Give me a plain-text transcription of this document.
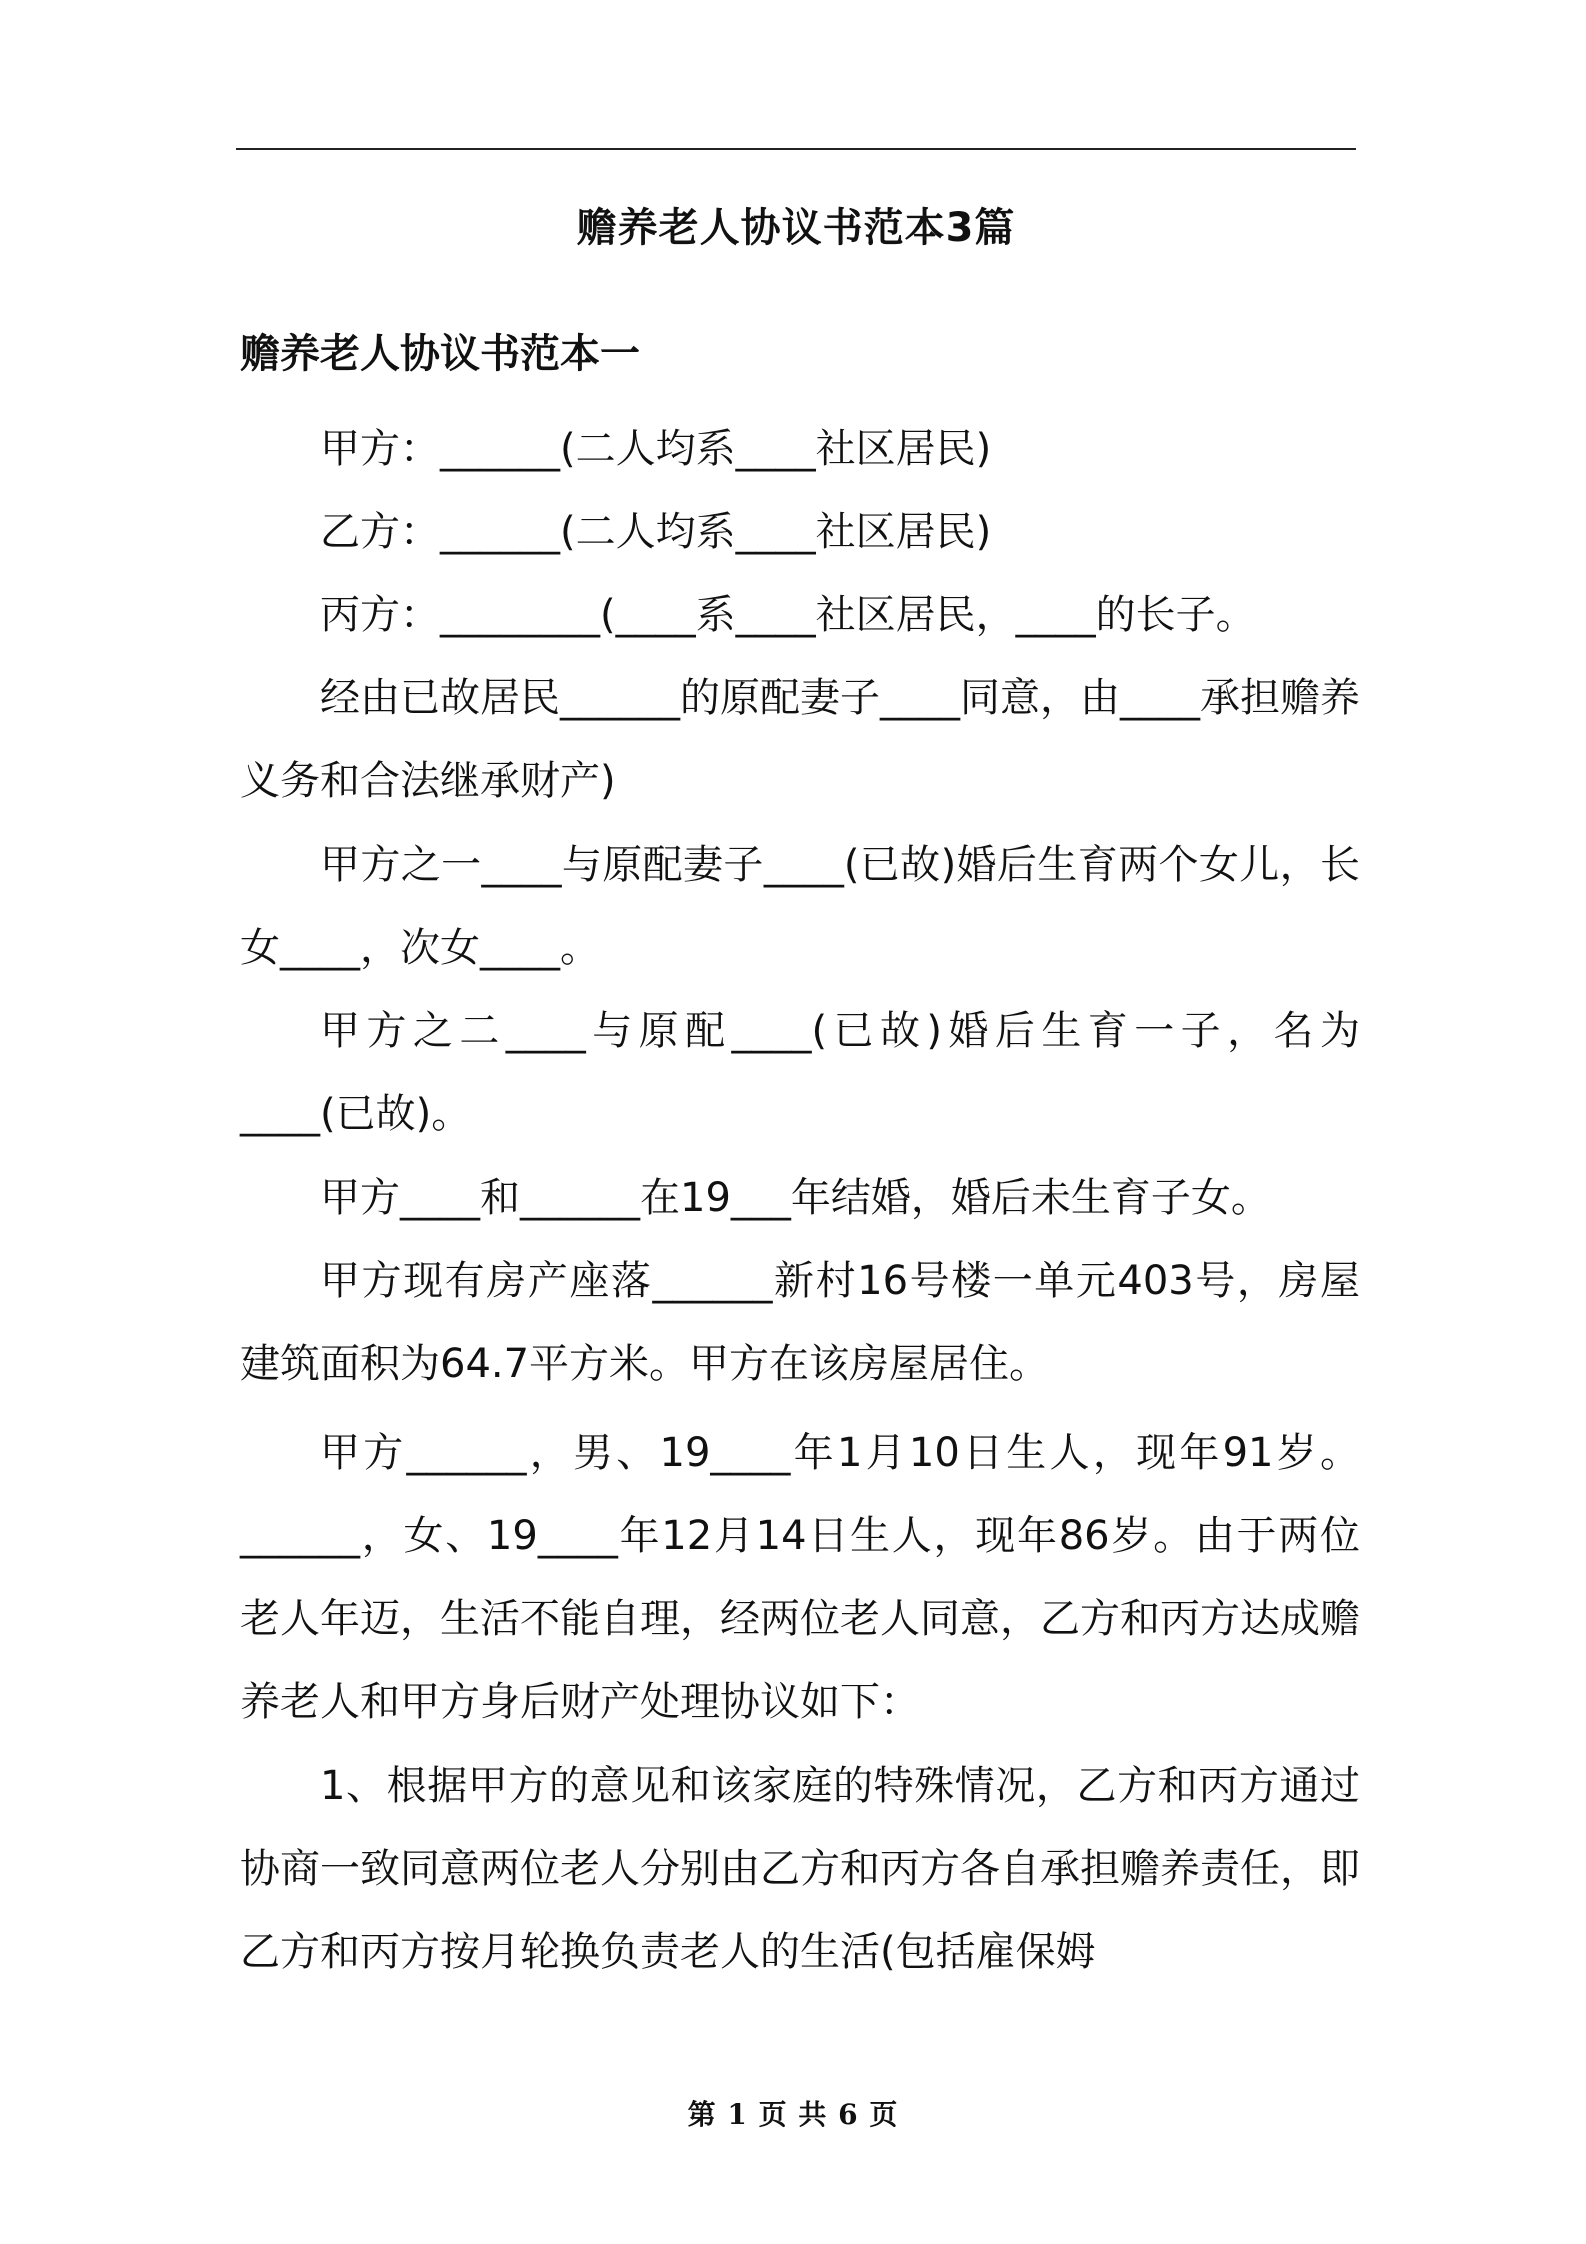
赡养老人协议书范本3篇
赡养老人协议书范本一
甲方：______(二人均系____社区居民)
乙方：______(二人均系____社区居民)
丙方：________(____系____社区居民，____的长子。
经由已故居民______的原配妻子____同意，由____承担赡养义务和合法继承财产)
甲方之一____与原配妻子____(已故)婚后生育两个女儿，长女____，次女____。
甲方之二____与原配____(已故)婚后生育一子，名为____(已故)。
甲方____和______在19___年结婚，婚后未生育子女。
甲方现有房产座落______新村16号楼一单元403号，房屋建筑面积为64.7平方米。甲方在该房屋居住。
甲方______，男、19____年1月10日生人，现年91岁。______，女、19____年12月14日生人，现年86岁。由于两位老人年迈，生活不能自理，经两位老人同意，乙方和丙方达成赡养老人和甲方身后财产处理协议如下：
1、根据甲方的意见和该家庭的特殊情况，乙方和丙方通过协商一致同意两位老人分别由乙方和丙方各自承担赡养责任，即乙方和丙方按月轮换负责老人的生活(包括雇保姆
第 1 页 共 6 页
